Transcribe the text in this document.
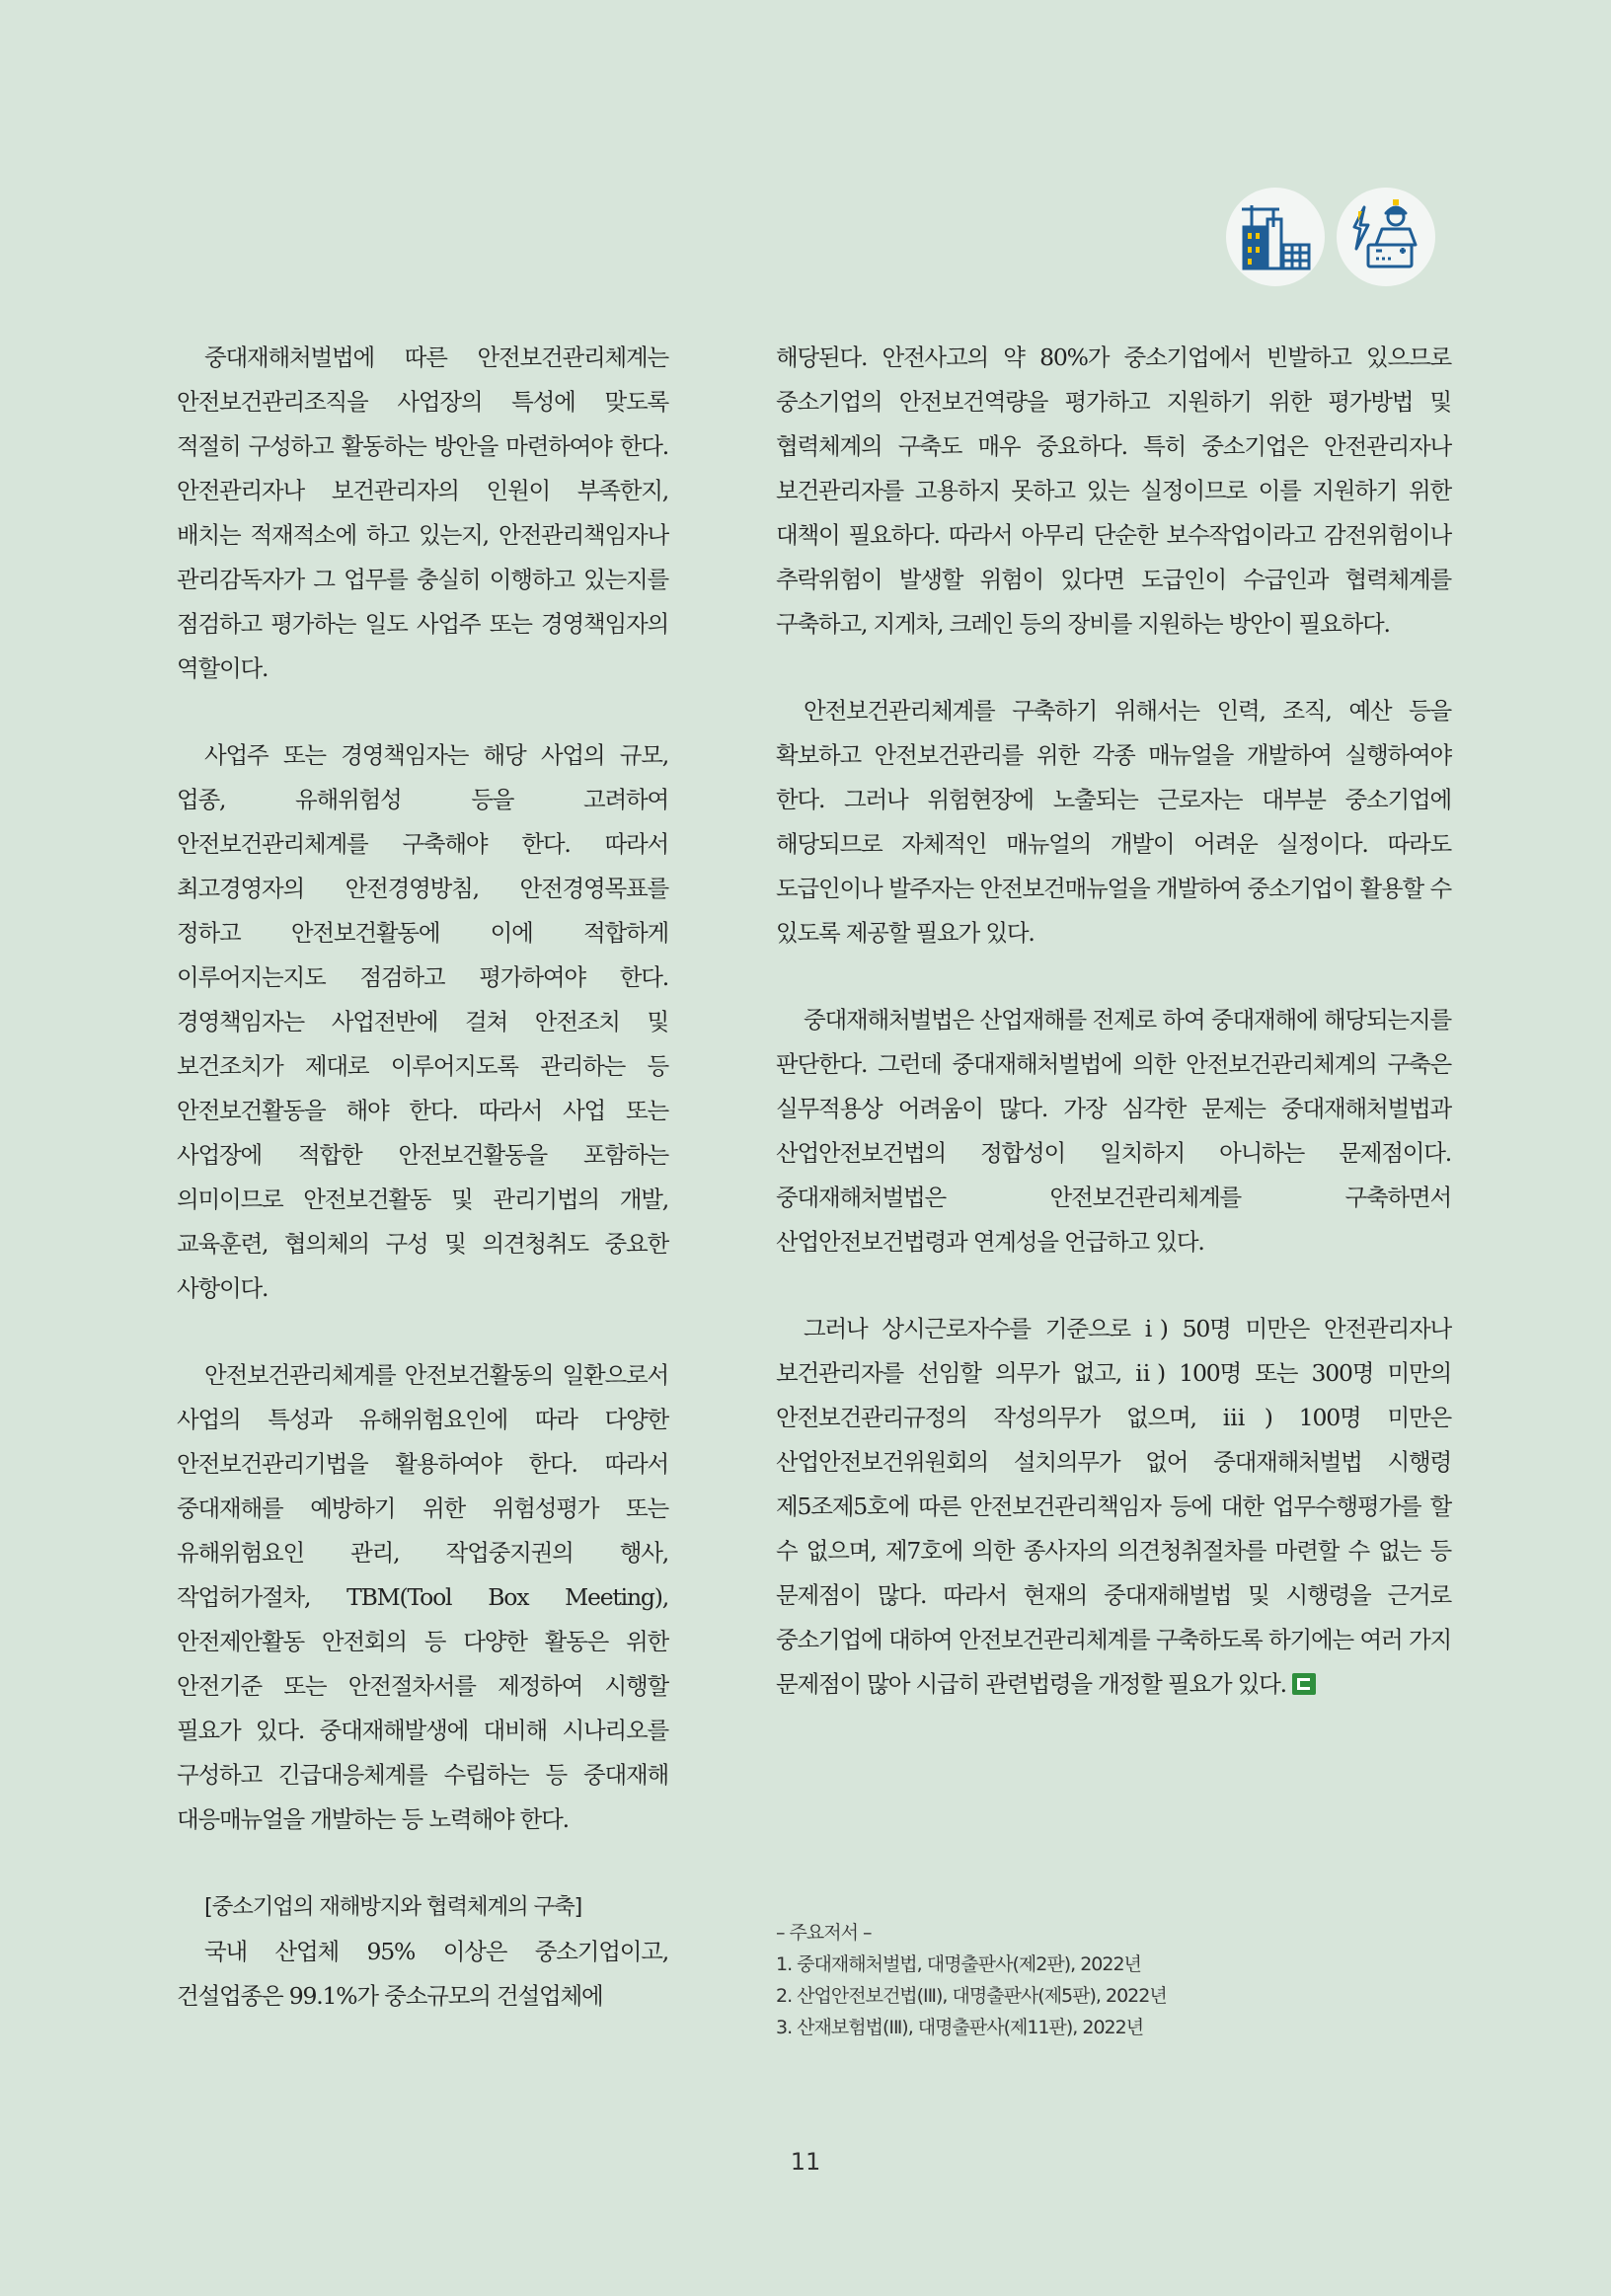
중대재해처벌법에 따른 안전보건관리체계는 안전보건관리조직을 사업장의 특성에 맞도록 적절히 구성하고 활동하는 방안을 마련하여야 한다. 안전관리자나 보건관리자의 인원이 부족한지, 배치는 적재적소에 하고 있는지, 안전관리책임자나 관리감독자가 그 업무를 충실히 이행하고 있는지를 점검하고 평가하는 일도 사업주 또는 경영책임자의 역할이다.

사업주 또는 경영책임자는 해당 사업의 규모, 업종, 유해위험성 등을 고려하여 안전보건관리체계를 구축해야 한다. 따라서 최고경영자의 안전경영방침, 안전경영목표를 정하고 안전보건활동에 이에 적합하게 이루어지는지도 점검하고 평가하여야 한다. 경영책임자는 사업전반에 걸쳐 안전조치 및 보건조치가 제대로 이루어지도록 관리하는 등 안전보건활동을 해야 한다. 따라서 사업 또는 사업장에 적합한 안전보건활동을 포함하는 의미이므로 안전보건활동 및 관리기법의 개발, 교육훈련, 협의체의 구성 및 의견청취도 중요한 사항이다.

안전보건관리체계를 안전보건활동의 일환으로서 사업의 특성과 유해위험요인에 따라 다양한 안전보건관리기법을 활용하여야 한다. 따라서 중대재해를 예방하기 위한 위험성평가 또는 유해위험요인 관리, 작업중지권의 행사, 작업허가절차, TBM(Tool Box Meeting), 안전제안활동 안전회의 등 다양한 활동은 위한 안전기준 또는 안전절차서를 제정하여 시행할 필요가 있다. 중대재해발생에 대비해 시나리오를 구성하고 긴급대응체계를 수립하는 등 중대재해 대응매뉴얼을 개발하는 등 노력해야 한다.

[중소기업의 재해방지와 협력체계의 구축]

국내 산업체 95% 이상은 중소기업이고, 건설업종은 99.1%가 중소규모의 건설업체에

해당된다. 안전사고의 약 80%가 중소기업에서 빈발하고 있으므로 중소기업의 안전보건역량을 평가하고 지원하기 위한 평가방법 및 협력체계의 구축도 매우 중요하다. 특히 중소기업은 안전관리자나 보건관리자를 고용하지 못하고 있는 실정이므로 이를 지원하기 위한 대책이 필요하다. 따라서 아무리 단순한 보수작업이라고 감전위험이나 추락위험이 발생할 위험이 있다면 도급인이 수급인과 협력체계를 구축하고, 지게차, 크레인 등의 장비를 지원하는 방안이 필요하다.

안전보건관리체계를 구축하기 위해서는 인력, 조직, 예산 등을 확보하고 안전보건관리를 위한 각종 매뉴얼을 개발하여 실행하여야 한다. 그러나 위험현장에 노출되는 근로자는 대부분 중소기업에 해당되므로 자체적인 매뉴얼의 개발이 어려운 실정이다. 따라도 도급인이나 발주자는 안전보건매뉴얼을 개발하여 중소기업이 활용할 수 있도록 제공할 필요가 있다.

중대재해처벌법은 산업재해를 전제로 하여 중대재해에 해당되는지를 판단한다. 그런데 중대재해처벌법에 의한 안전보건관리체계의 구축은 실무적용상 어려움이 많다. 가장 심각한 문제는 중대재해처벌법과 산업안전보건법의 정합성이 일치하지 아니하는 문제점이다. 중대재해처벌법은 안전보건관리체계를 구축하면서 산업안전보건법령과 연계성을 언급하고 있다.

그러나 상시근로자수를 기준으로 ⅰ) 50명 미만은 안전관리자나 보건관리자를 선임할 의무가 없고, ⅱ) 100명 또는 300명 미만의 안전보건관리규정의 작성의무가 없으며, ⅲ) 100명 미만은 산업안전보건위원회의 설치의무가 없어 중대재해처벌법 시행령 제5조제5호에 따른 안전보건관리책임자 등에 대한 업무수행평가를 할 수 없으며, 제7호에 의한 종사자의 의견청취절차를 마련할 수 없는 등 문제점이 많다. 따라서 현재의 중대재해벌법 및 시행령을 근거로 중소기업에 대하여 안전보건관리체계를 구축하도록 하기에는 여러 가지 문제점이 많아 시급히 관련법령을 개정할 필요가 있다.

– 주요저서 –
1. 중대재해처벌법, 대명출판사(제2판), 2022년
2. 산업안전보건법(ⅠⅡ), 대명출판사(제5판), 2022년
3. 산재보험법(ⅠⅡ), 대명출판사(제11판), 2022년
11
